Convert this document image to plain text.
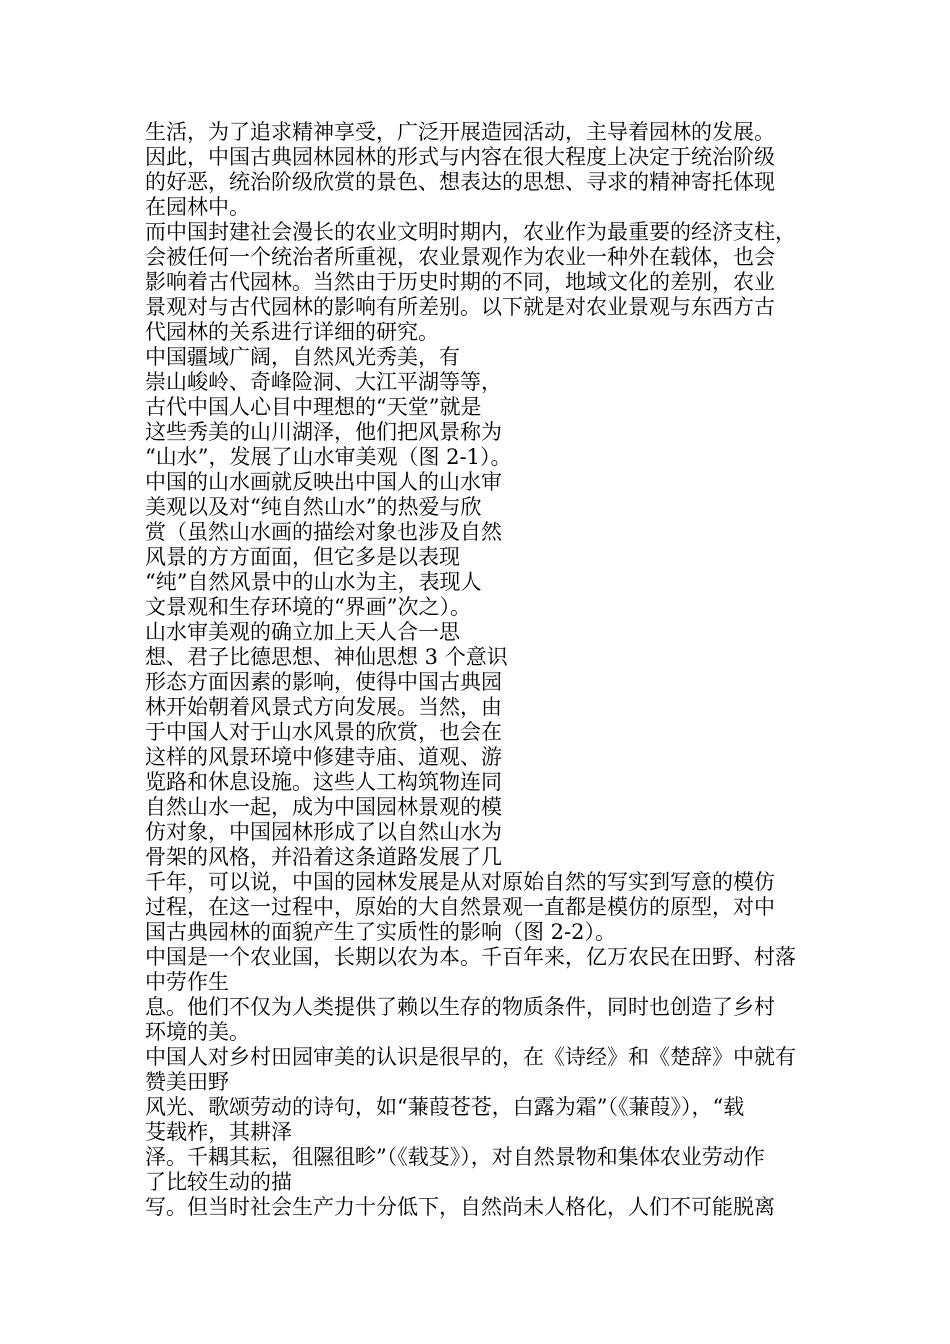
生活，为了追求精神享受，广泛开展造园活动，主导着园林的发展。
因此，中国古典园林园林的形式与内容在很大程度上决定于统治阶级
的好恶，统治阶级欣赏的景色、想表达的思想、寻求的精神寄托体现
在园林中。
而中国封建社会漫长的农业文明时期内，农业作为最重要的经济支柱，
会被任何一个统治者所重视，农业景观作为农业一种外在载体，也会
影响着古代园林。当然由于历史时期的不同，地域文化的差别，农业
景观对与古代园林的影响有所差别。以下就是对农业景观与东西方古
代园林的关系进行详细的研究。
中国疆域广阔，自然风光秀美，有
崇山峻岭、奇峰险洞、大江平湖等等，
古代中国人心目中理想的“天堂”就是
这些秀美的山川湖泽，他们把风景称为
“山水”，发展了山水审美观（图 2-1）。
中国的山水画就反映出中国人的山水审
美观以及对“纯自然山水”的热爱与欣
赏（虽然山水画的描绘对象也涉及自然
风景的方方面面，但它多是以表现
“纯”自然风景中的山水为主，表现人
文景观和生存环境的“界画”次之）。
山水审美观的确立加上天人合一思
想、君子比德思想、神仙思想 3 个意识
形态方面因素的影响，使得中国古典园
林开始朝着风景式方向发展。当然，由
于中国人对于山水风景的欣赏，也会在
这样的风景环境中修建寺庙、道观、游
览路和休息设施。这些人工构筑物连同
自然山水一起，成为中国园林景观的模
仿对象，中国园林形成了以自然山水为
骨架的风格，并沿着这条道路发展了几
千年，可以说，中国的园林发展是从对原始自然的写实到写意的模仿
过程，在这一过程中，原始的大自然景观一直都是模仿的原型，对中
国古典园林的面貌产生了实质性的影响（图 2-2）。
中国是一个农业国，长期以农为本。千百年来，亿万农民在田野、村落
中劳作生
息。他们不仅为人类提供了赖以生存的物质条件，同时也创造了乡村
环境的美。
中国人对乡村田园审美的认识是很早的，在《诗经》和《楚辞》中就有
赞美田野
风光、歌颂劳动的诗句，如“蒹葭苍苍，白露为霜”（《蒹葭》），“载
芟载柞，其耕泽
泽。千耦其耘，徂隰徂畛”（《载芟》），对自然景物和集体农业劳动作
了比较生动的描
写。但当时社会生产力十分低下，自然尚未人格化，人们不可能脱离
